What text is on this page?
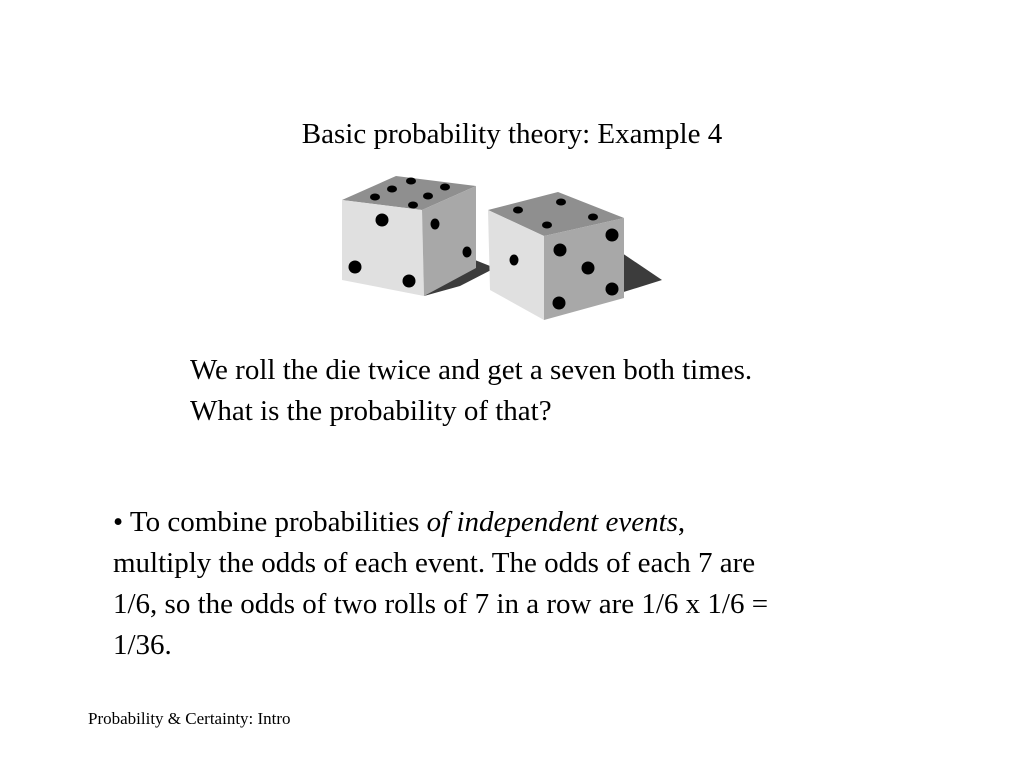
Basic probability theory: Example 4
We roll the die twice and get a seven both times.
What is the probability of that?
• To combine probabilities of independent events,
multiply the odds of each event. The odds of each 7 are
1/6, so the odds of two rolls of 7 in a row are 1/6 x 1/6 =
1/36.
Probability & Certainty: Intro
